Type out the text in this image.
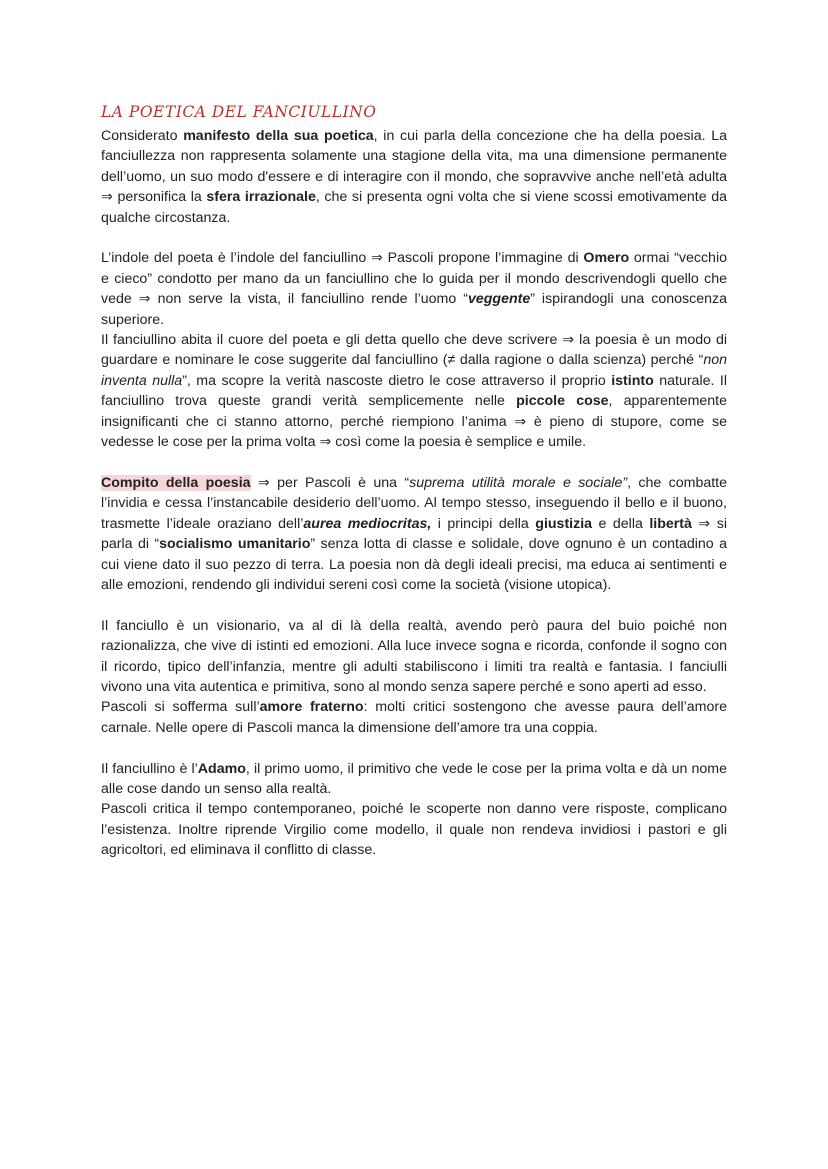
LA POETICA DEL FANCIULLINO

Considerato manifesto della sua poetica, in cui parla della concezione che ha della poesia. La fanciullezza non rappresenta solamente una stagione della vita, ma una dimensione permanente dell’uomo, un suo modo d'essere e di interagire con il mondo, che sopravvive anche nell’età adulta ⇒ personifica la sfera irrazionale, che si presenta ogni volta che si viene scossi emotivamente da qualche circostanza.

L’indole del poeta è l’indole del fanciullino ⇒ Pascoli propone l’immagine di Omero ormai “vecchio e cieco” condotto per mano da un fanciullino che lo guida per il mondo descrivendogli quello che vede ⇒ non serve la vista, il fanciullino rende l’uomo “veggente” ispirandogli una conoscenza superiore.

Il fanciullino abita il cuore del poeta e gli detta quello che deve scrivere ⇒ la poesia è un modo di guardare e nominare le cose suggerite dal fanciullino (≠ dalla ragione o dalla scienza) perché “non inventa nulla”, ma scopre la verità nascoste dietro le cose attraverso il proprio istinto naturale. Il fanciullino trova queste grandi verità semplicemente nelle piccole cose, apparentemente insignificanti che ci stanno attorno, perché riempiono l’anima ⇒ è pieno di stupore, come se vedesse le cose per la prima volta ⇒ così come la poesia è semplice e umile.

Compito della poesia ⇒ per Pascoli è una “suprema utilità morale e sociale”, che combatte l’invidia e cessa l’instancabile desiderio dell’uomo. Al tempo stesso, inseguendo il bello e il buono, trasmette l’ideale oraziano dell’aurea mediocritas, i principi della giustizia e della libertà ⇒ si parla di “socialismo umanitario” senza lotta di classe e solidale, dove ognuno è un contadino a cui viene dato il suo pezzo di terra. La poesia non dà degli ideali precisi, ma educa ai sentimenti e alle emozioni, rendendo gli individui sereni così come la società (visione utopica).

Il fanciullo è un visionario, va al di là della realtà, avendo però paura del buio poiché non razionalizza, che vive di istinti ed emozioni. Alla luce invece sogna e ricorda, confonde il sogno con il ricordo, tipico dell’infanzia, mentre gli adulti stabiliscono i limiti tra realtà e fantasia. I fanciulli vivono una vita autentica e primitiva, sono al mondo senza sapere perché e sono aperti ad esso.

Pascoli si sofferma sull’amore fraterno: molti critici sostengono che avesse paura dell’amore carnale. Nelle opere di Pascoli manca la dimensione dell’amore tra una coppia.

Il fanciullino è l’Adamo, il primo uomo, il primitivo che vede le cose per la prima volta e dà un nome alle cose dando un senso alla realtà.

Pascoli critica il tempo contemporaneo, poiché le scoperte non danno vere risposte, complicano l’esistenza. Inoltre riprende Virgilio come modello, il quale non rendeva invidiosi i pastori e gli agricoltori, ed eliminava il conflitto di classe.
